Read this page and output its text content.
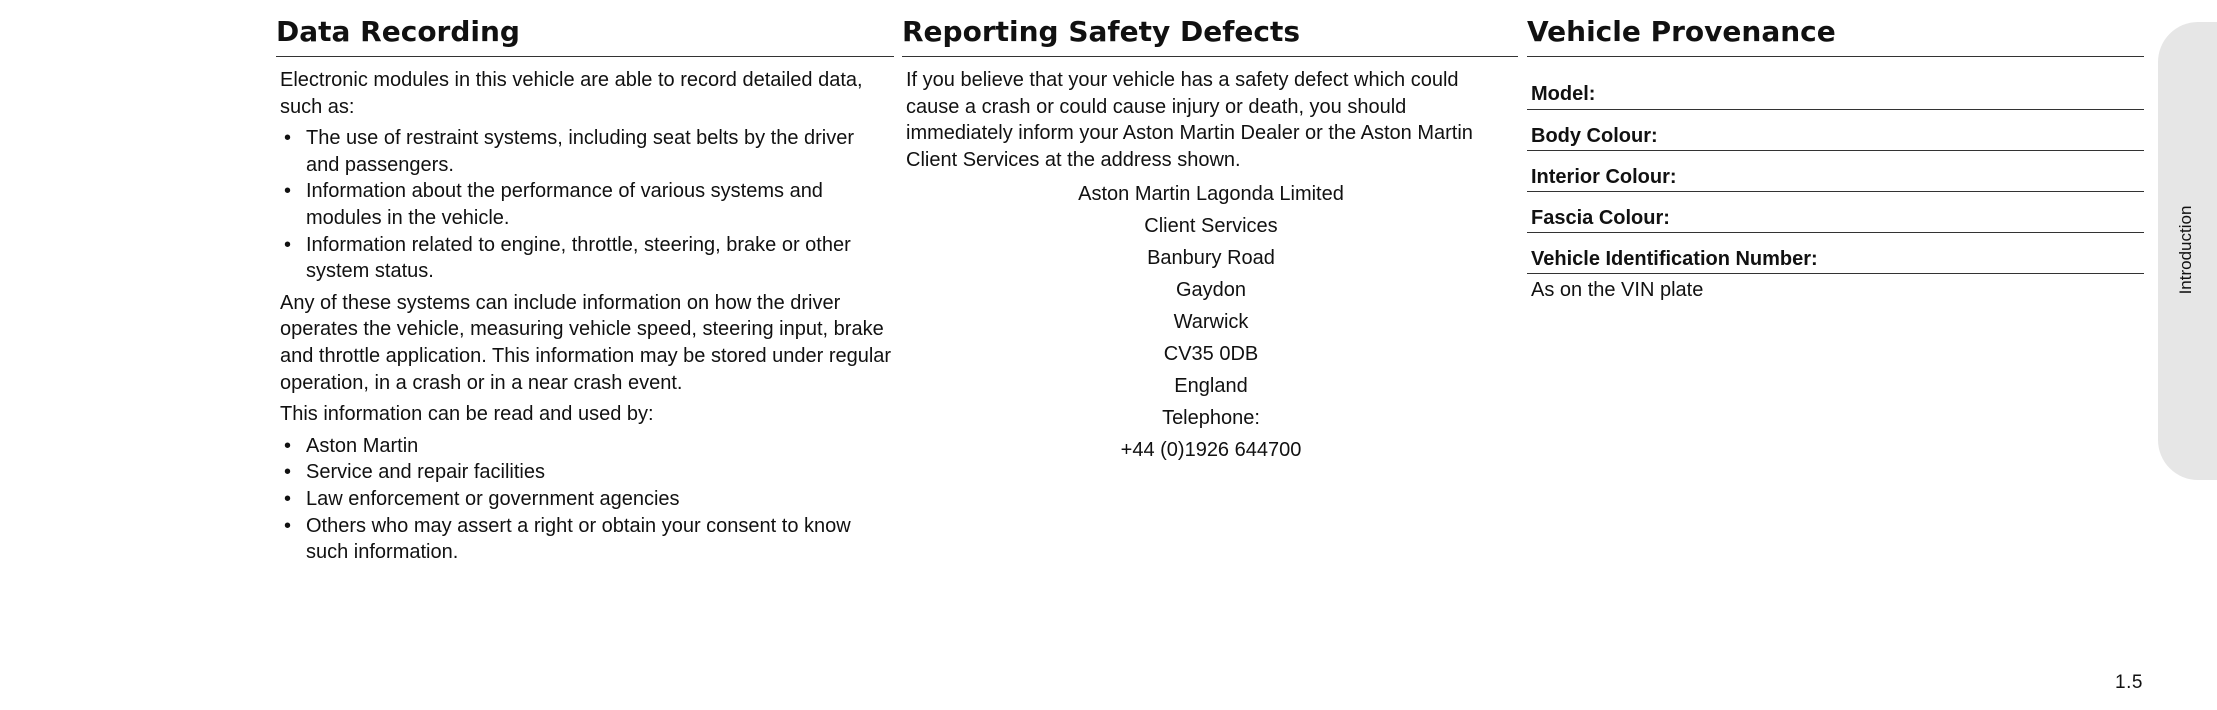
Data Recording

Electronic modules in this vehicle are able to record detailed data, such as:

• The use of restraint systems, including seat belts by the driver and passengers.
• Information about the performance of various systems and modules in the vehicle.
• Information related to engine, throttle, steering, brake or other system status.

Any of these systems can include information on how the driver operates the vehicle, measuring vehicle speed, steering input, brake and throttle application. This information may be stored under regular operation, in a crash or in a near crash event.

This information can be read and used by:

• Aston Martin
• Service and repair facilities
• Law enforcement or government agencies
• Others who may assert a right or obtain your consent to know such information.
Reporting Safety Defects

If you believe that your vehicle has a safety defect which could cause a crash or could cause injury or death, you should immediately inform your Aston Martin Dealer or the Aston Martin Client Services at the address shown.

Aston Martin Lagonda Limited
Client Services
Banbury Road
Gaydon
Warwick
CV35 0DB
England
Telephone:
+44 (0)1926 644700
Vehicle Provenance
Model:
Body Colour:
Interior Colour:
Fascia Colour:
Vehicle Identification Number:
As on the VIN plate	Introduction
1.5
